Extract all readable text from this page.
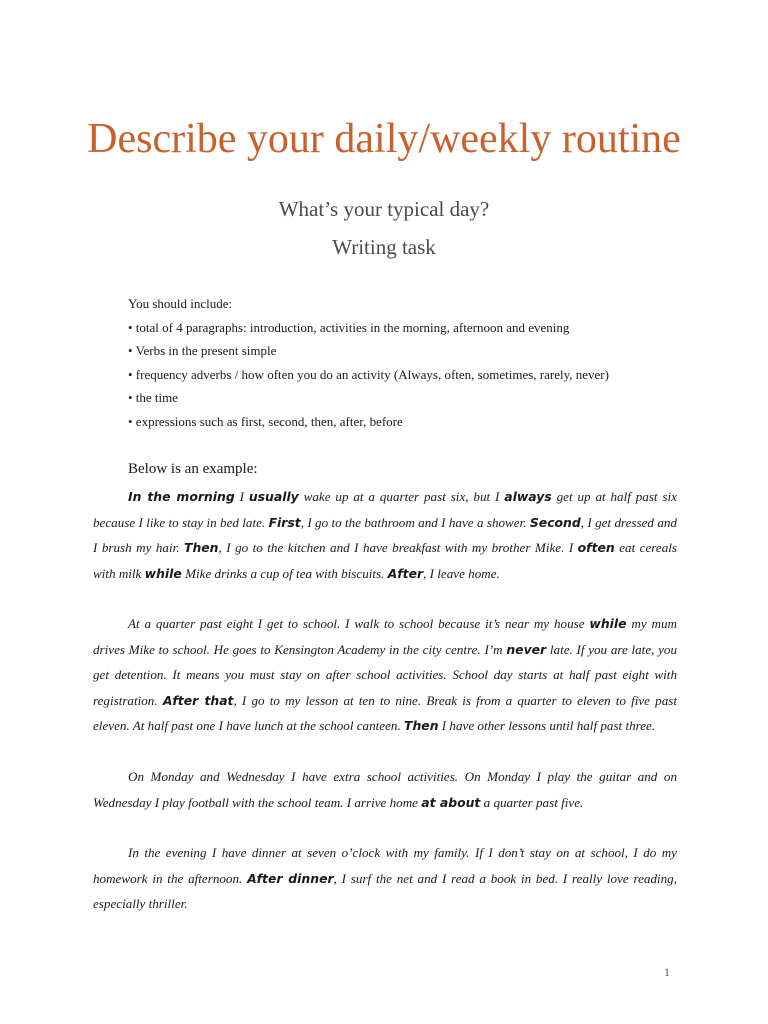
Describe your daily/weekly routine
What’s your typical day?
Writing task
You should include:
• total of 4 paragraphs: introduction, activities in the morning, afternoon and evening
• Verbs in the present simple
• frequency adverbs / how often you do an activity (Always, often, sometimes, rarely, never)
• the time
• expressions such as first, second, then, after, before
Below is an example:

In the morning I usually wake up at a quarter past six, but I always get up at half past six because I like to stay in bed late. First, I go to the bathroom and I have a shower. Second, I get dressed and I brush my hair. Then, I go to the kitchen and I have breakfast with my brother Mike. I often eat cereals with milk while Mike drinks a cup of tea with biscuits. After, I leave home.

At a quarter past eight I get to school. I walk to school because it’s near my house while my mum drives Mike to school. He goes to Kensington Academy in the city centre. I’m never late. If you are late, you get detention. It means you must stay on after school activities. School day starts at half past eight with registration. After that, I go to my lesson at ten to nine. Break is from a quarter to eleven to five past eleven. At half past one I have lunch at the school canteen. Then I have other lessons until half past three.

On Monday and Wednesday I have extra school activities. On Monday I play the guitar and on Wednesday I play football with the school team. I arrive home at about a quarter past five.

In the evening I have dinner at seven o’clock with my family. If I don’t stay on at school, I do my homework in the afternoon. After dinner, I surf the net and I read a book in bed. I really love reading, especially thriller.

1
